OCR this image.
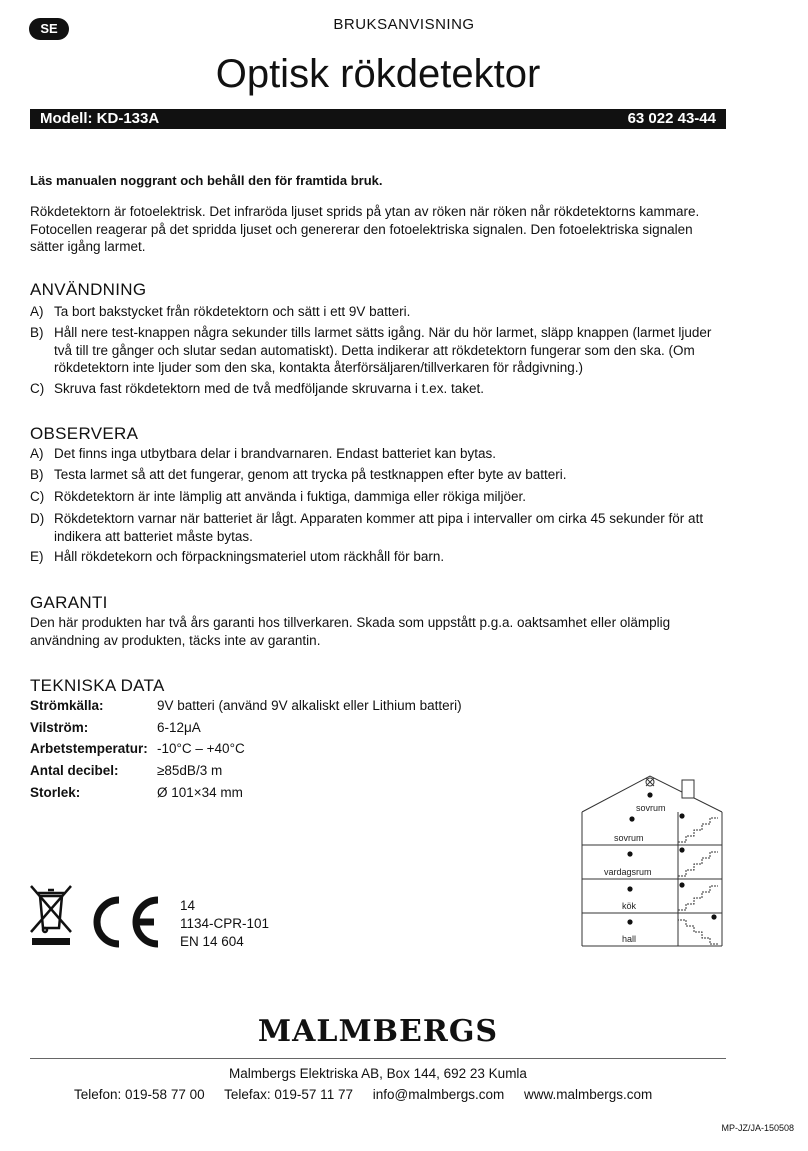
SE	BRUKSANVISNING
Optisk rökdetektor
Modell: KD-133A	63 022 43-44
Läs manualen noggrant och behåll den för framtida bruk.
Rökdetektorn är fotoelektrisk. Det infraröda ljuset sprids på ytan av röken när röken når rökdetektorns kammare. Fotocellen reagerar på det spridda ljuset och genererar den fotoelektriska signalen. Den fotoelektriska signalen sätter igång larmet.
ANVÄNDNING
A) Ta bort bakstycket från rökdetektorn och sätt i ett 9V batteri.
B) Håll nere test-knappen några sekunder tills larmet sätts igång. När du hör larmet, släpp knappen (larmet ljuder två till tre gånger och slutar sedan automatiskt). Detta indikerar att rökdetektorn fungerar som den ska. (Om rökdetektorn inte ljuder som den ska, kontakta återförsäljaren/tillverkaren för rådgivning.)
C) Skruva fast rökdetektorn med de två medföljande skruvarna i t.ex. taket.
OBSERVERA
A) Det finns inga utbytbara delar i brandvarnaren. Endast batteriet kan bytas.
B) Testa larmet så att det fungerar, genom att trycka på testknappen efter byte av batteri.
C) Rökdetektorn är inte lämplig att använda i fuktiga, dammiga eller rökiga miljöer.
D) Rökdetektorn varnar när batteriet är lågt. Apparaten kommer att pipa i intervaller om cirka 45 sekunder för att indikera att batteriet måste bytas.
E) Håll rökdetekorn och förpackningsmateriel utom räckhåll för barn.
GARANTI
Den här produkten har två års garanti hos tillverkaren. Skada som uppstått p.g.a. oaktsamhet eller olämplig användning av produkten, täcks inte av garantin.
TEKNISKA DATA
Strömkälla:	9V batteri (använd 9V alkaliskt eller Lithium batteri)
Vilström:	6-12μA
Arbetstemperatur: -10°C – +40°C
Antal decibel:	≥85dB/3 m
Storlek:	Ø 101×34 mm
sovrum
sovrum
vardagsrum
kök
hall
CE
14
1134-CPR-101
EN 14 604
MALMBERGS
Malmbergs Elektriska AB, Box 144, 692 23 Kumla
Telefon: 019-58 77 00 Telefax: 019-57 11 77 info@malmbergs.com www.malmbergs.com
MP-JZ/JA-150508
